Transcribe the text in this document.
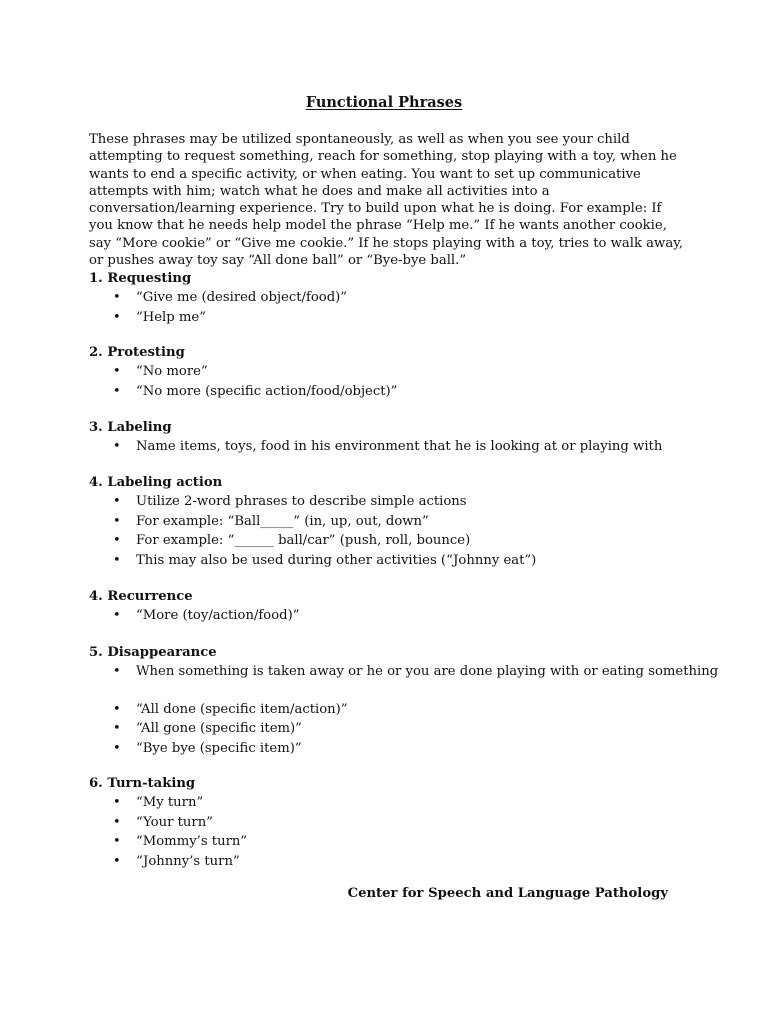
Functional Phrases

These phrases may be utilized spontaneously, as well as when you see your child attempting to request something, reach for something, stop playing with a toy, when he wants to end a specific activity, or when eating. You want to set up communicative attempts with him; watch what he does and make all activities into a conversation/learning experience. Try to build upon what he is doing. For example: If you know that he needs help model the phrase “Help me.” If he wants another cookie, say “More cookie” or “Give me cookie.” If he stops playing with a toy, tries to walk away, or pushes away toy say “All done ball” or “Bye-bye ball.”

1. Requesting
• “Give me (desired object/food)”
• “Help me”
2. Protesting
• “No more”
• “No more (specific action/food/object)”
3. Labeling
• Name items, toys, food in his environment that he is looking at or playing with
4. Labeling action
• Utilize 2-word phrases to describe simple actions
• For example: “Ball_____” (in, up, out, down”
• For example: “______ ball/car” (push, roll, bounce)
• This may also be used during other activities (“Johnny eat”)
4. Recurrence
• “More (toy/action/food)”
5. Disappearance
• When something is taken away or he or you are done playing with or eating something
• “All done (specific item/action)”
• “All gone (specific item)”
• “Bye bye (specific item)”
6. Turn-taking
• “My turn”
• “Your turn”
• “Mommy’s turn”
• “Johnny’s turn”
Center for Speech and Language Pathology
